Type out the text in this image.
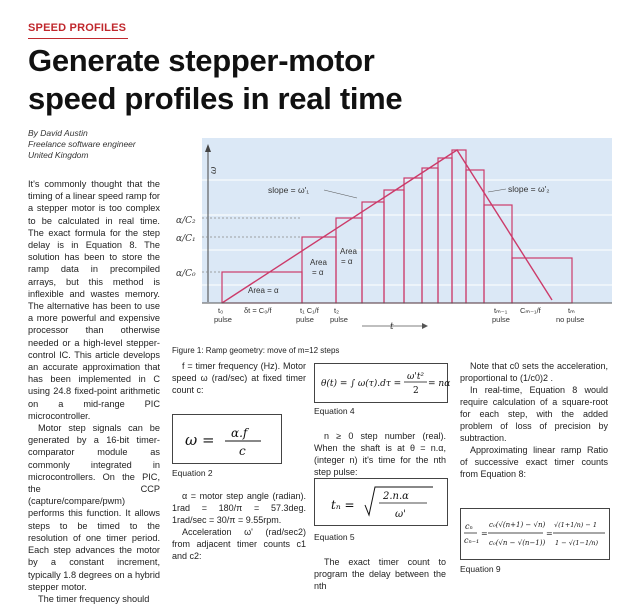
SPEED PROFILES
Generate stepper-motor
speed profiles in real time
By David Austin
Freelance software engineer
United Kingdom

It's commonly thought that the timing of a linear speed ramp for a stepper motor is too complex to be calculated in real time. The exact formula for the step delay is in Equation 8. The solution has been to store the ramp data in precompiled arrays, but this method is inflexible and wastes memory. The alternative has been to use a more powerful and expensive processor than otherwise needed or a high-level stepper-control IC. This article develops an accurate approximation that has been implemented in C using 24.8 fixed-point arithmetic on a mid-range PIC microcontroller.

Motor step signals can be generated by a 16-bit timer-comparator module as commonly integrated in microcontrollers. On the PIC, the CCP (capture/compare/pwm) performs this function. It allows steps to be timed to the resolution of one timer period. Each step advances the motor by a constant increment, typically 1.8 degrees on a hybrid stepper motor.

The timer frequency should

ω
α/C₂
α/C₁
α/C₀
slope = ω'₁	slope = ω'₂
Area = α
Area
= α
Area
= α
t₀
pulse
δt = C₀/f	t₁ C₁/f
pulse
t₂
pulse
tₘ₋₁
pulse
Cₘ₋₁/f	tₘ
no pulse
t
Figure 1: Ramp geometry: move of m=12 steps

f = timer frequency (Hz). Motor speed ω (rad/sec) at fixed timer count c:

ω = α.f
c
Equation 2

α = motor step angle (radian). 1rad = 180/π = 57.3deg. 1rad/sec = 30/π = 9.55rpm.

Acceleration ω' (rad/sec2) from adjacent timer counts c1 and c2:

θ(t) = ∫ ω(τ).dτ =
ω't²
2
= nα
Equation 4

n ≥ 0 step number (real). When the shaft is at θ = n.α, (integer n) it's time for the nth step pulse:

tₙ =
2.n.α
ω'
Equation 5

The exact timer count to program the delay between the nth

Note that c0 sets the acceleration, proportional to (1/c0)2 .

In real-time, Equation 8 would require calculation of a square-root for each step, with the added problem of loss of precision by subtraction.

Approximating linear ramp Ratio of successive exact timer counts from Equation 8:

cₙ
cₙ₋₁
=
c₀(√(n+1) − √n)
c₀(√n − √(n−1))
=
√(1+1/n) − 1
1 − √(1−1/n)
Equation 9
